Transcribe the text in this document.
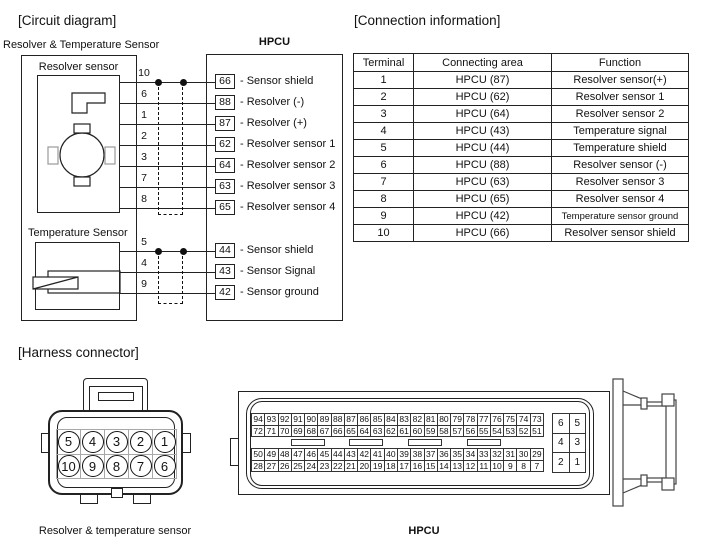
[Circuit diagram]
Resolver & Temperature Sensor	HPCU
Resolver sensor
Temperature Sensor
10
66 - Sensor shield
6
88 - Resolver (-)
1
87 - Resolver (+)
2
62 - Resolver sensor 1
3
64 - Resolver sensor 2
7
63 - Resolver sensor 3
8
65 - Resolver sensor 4
5
44 - Sensor shield
4
43 - Sensor Signal
9
42 - Sensor ground
[Connection information]
Terminal	Connecting area	Function
1	HPCU (87)	Resolver sensor(+)
2	HPCU (62)	Resolver sensor 1
3	HPCU (64)	Resolver sensor 2
4	HPCU (43)	Temperature signal
5	HPCU (44)	Temperature shield
6	HPCU (88)	Resolver sensor (-)
7	HPCU (63)	Resolver sensor 3
8	HPCU (65)	Resolver sensor 4
9	HPCU (42)	Temperature sensor ground
10	HPCU (66)	Resolver sensor shield
[Harness connector]
5	4	3	2	1
10	9	8	7	6
Resolver & temperature sensor
94 93 92 91 90 89 88 87 86 85 84 83 82 81 80 79 78 77 76 75 74 73
72 71 70 69 68 67 66 65 64 63 62 61 60 59 58 57 56 55 54 53 52 51
50 49 48 47 46 45 44 43 42 41 40 39 38 37 36 35 34 33 32 31 30 29
28 27 26 25 24 23 22 21 20 19 18 17 16 15 14 13 12 11 10 9	8	7
6	5
4	3
2	1
HPCU
